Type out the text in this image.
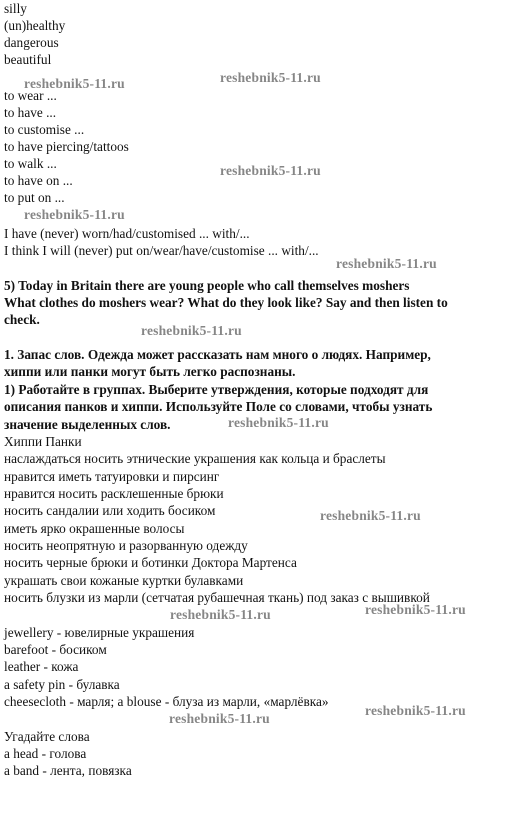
silly

(un)healthy

dangerous

beautiful

to wear ...

to have ...

to customise ...

to have piercing/tattoos

to walk ...

to have on ...

to put on ...

I have (never) worn/had/customised ... with/...

I think I will (never) put on/wear/have/customise ... with/...

5) Today in Britain there are young people who call themselves moshers

What clothes do moshers wear? What do they look like? Say and then listen to

check.

1. Запас слов. Одежда может рассказать нам много о людях. Например,

хиппи или панки могут быть легко распознаны.

1) Работайте в группах. Выберите утверждения, которые подходят для

описания панков и хиппи. Используйте Поле со словами, чтобы узнать

значение выделенных слов.

Хиппи Панки

наслаждаться носить этнические украшения как кольца и браслеты

нравится иметь татуировки и пирсинг

нравится носить расклешенные брюки

носить сандалии или ходить босиком

иметь ярко окрашенные волосы

носить неопрятную и разорванную одежду

носить черные брюки и ботинки Доктора Мартенса

украшать свои кожаные куртки булавками

носить блузки из марли (сетчатая рубашечная ткань) под заказ с вышивкой

jewellery - ювелирные украшения

barefoot - босиком

leather - кожа

a safety pin - булавка

cheesecloth - марля; a blouse - блуза из марли, «марлёвка»

Угадайте слова

a head - голова

a band - лента, повязка

reshebnik5-11.ru	reshebnik5-11.ru
reshebnik5-11.ru
reshebnik5-11.ru
reshebnik5-11.ru
reshebnik5-11.ru
reshebnik5-11.ru
reshebnik5-11.ru
reshebnik5-11.ru	reshebnik5-11.ru
reshebnik5-11.ru
reshebnik5-11.ru
